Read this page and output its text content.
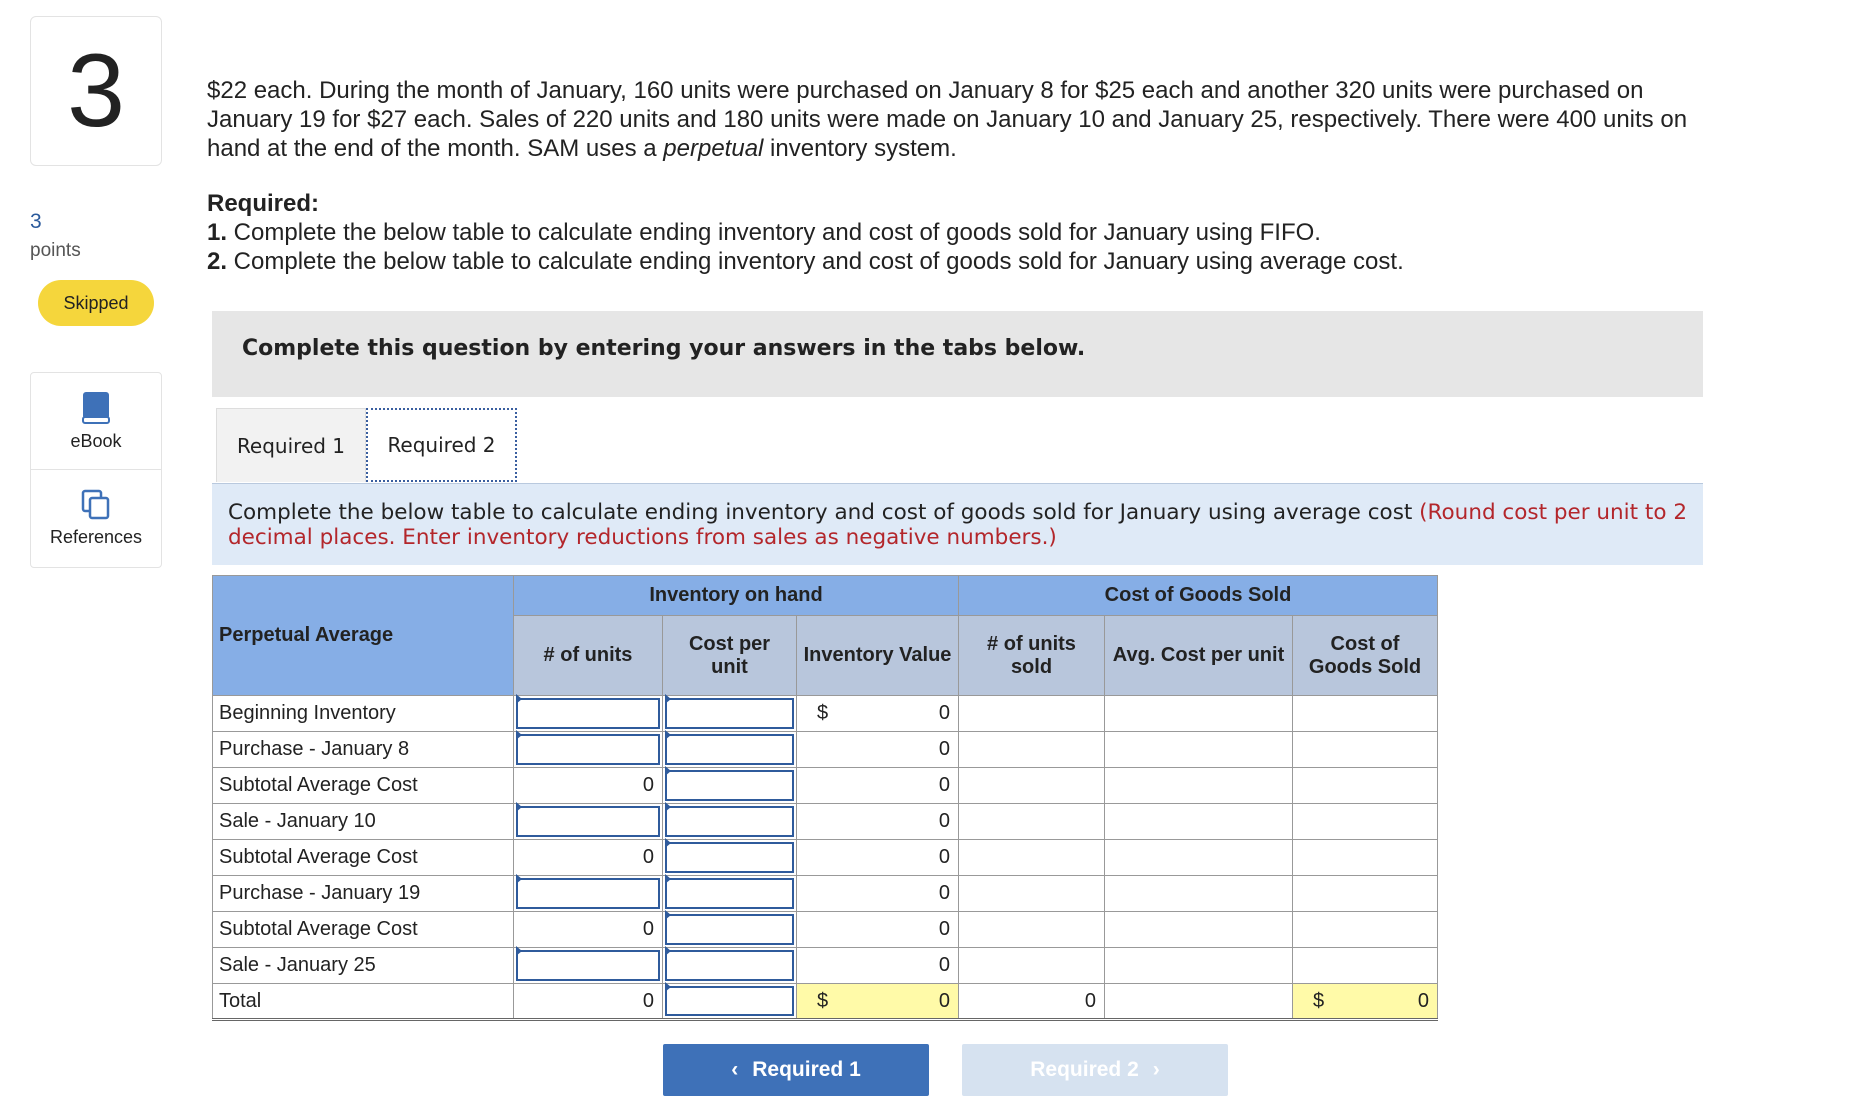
3
3
points
Skipped
eBook
References
$22 each. During the month of January, 160 units were purchased on January 8 for $25 each and another 320 units were purchased on January 19 for $27 each. Sales of 220 units and 180 units were made on January 10 and January 25, respectively. There were 400 units on hand at the end of the month. SAM uses a perpetual inventory system.
Required:
1. Complete the below table to calculate ending inventory and cost of goods sold for January using FIFO.
2. Complete the below table to calculate ending inventory and cost of goods sold for January using average cost.
Complete this question by entering your answers in the tabs below.
Required 1	Required 2
Complete the below table to calculate ending inventory and cost of goods sold for January using average cost (Round cost per unit to 2 decimal places. Enter inventory reductions from sales as negative numbers.)
Perpetual Average	Inventory on hand			Cost of Goods Sold		
	# of units	Cost per unit	Inventory Value	# of units sold	Avg. Cost per unit	Cost of Goods Sold
Beginning Inventory			$ 0			

Purchase - January 8			0			
Subtotal Average Cost	0		0			
Sale - January 10			0			
Subtotal Average Cost	0		0			
Purchase - January 19			0			
Subtotal Average Cost	0		0			
Sale - January 25			0			
Total	0		$ 0	0		$ 0
‹ Required 1	Required 2 ›
